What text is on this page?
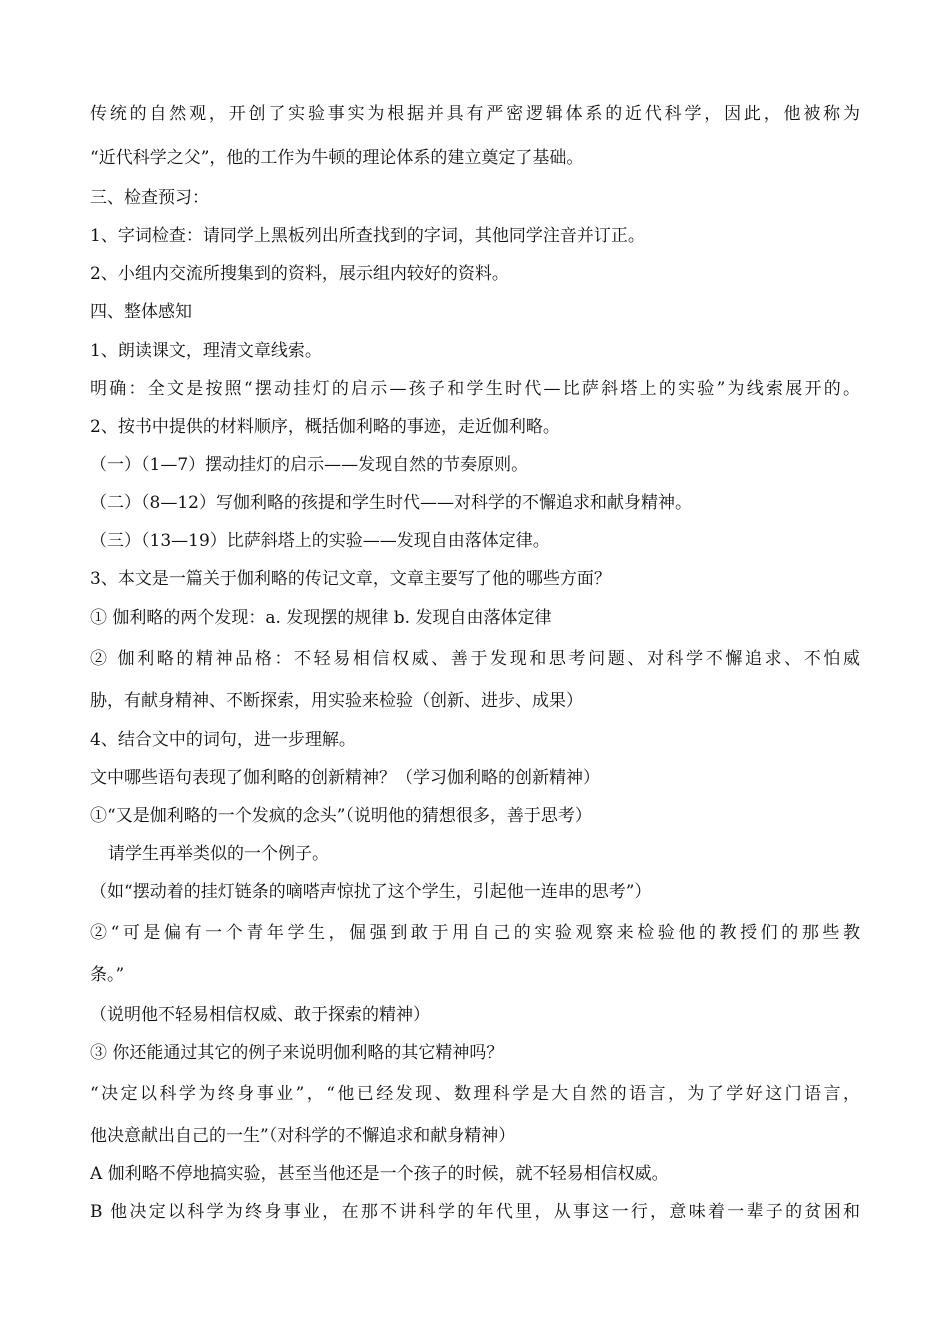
传统的自然观，开创了实验事实为根据并具有严密逻辑体系的近代科学，因此，他被称为

“近代科学之父”，他的工作为牛顿的理论体系的建立奠定了基础。

三、检查预习：

1、字词检查：请同学上黑板列出所查找到的字词，其他同学注音并订正。

2、小组内交流所搜集到的资料，展示组内较好的资料。

四、整体感知

1、朗读课文，理清文章线索。

明确：全文是按照“摆动挂灯的启示—孩子和学生时代—比萨斜塔上的实验”为线索展开的。

2、按书中提供的材料顺序，概括伽利略的事迹，走近伽利略。

（一）（1—7）摆动挂灯的启示——发现自然的节奏原则。

（二）（8—12）写伽利略的孩提和学生时代——对科学的不懈追求和献身精神。

（三）（13—19）比萨斜塔上的实验——发现自由落体定律。

3、本文是一篇关于伽利略的传记文章，文章主要写了他的哪些方面？

① 伽利略的两个发现：a. 发现摆的规律 b. 发现自由落体定律

② 伽利略的精神品格：不轻易相信权威、善于发现和思考问题、对科学不懈追求、不怕威

胁，有献身精神、不断探索，用实验来检验（创新、进步、成果）

4、结合文中的词句，进一步理解。

文中哪些语句表现了伽利略的创新精神？（学习伽利略的创新精神）

①“又是伽利略的一个发疯的念头”（说明他的猜想很多，善于思考）

请学生再举类似的一个例子。

（如“摆动着的挂灯链条的嘀嗒声惊扰了这个学生，引起他一连串的思考”）

②“可是偏有一个青年学生，倔强到敢于用自己的实验观察来检验他的教授们的那些教

条。”

（说明他不轻易相信权威、敢于探索的精神）

③ 你还能通过其它的例子来说明伽利略的其它精神吗？

“决定以科学为终身事业”，“他已经发现、数理科学是大自然的语言，为了学好这门语言，

他决意献出自己的一生”（对科学的不懈追求和献身精神）

A 伽利略不停地搞实验，甚至当他还是一个孩子的时候，就不轻易相信权威。

B 他决定以科学为终身事业，在那不讲科学的年代里，从事这一行，意味着一辈子的贫困和
